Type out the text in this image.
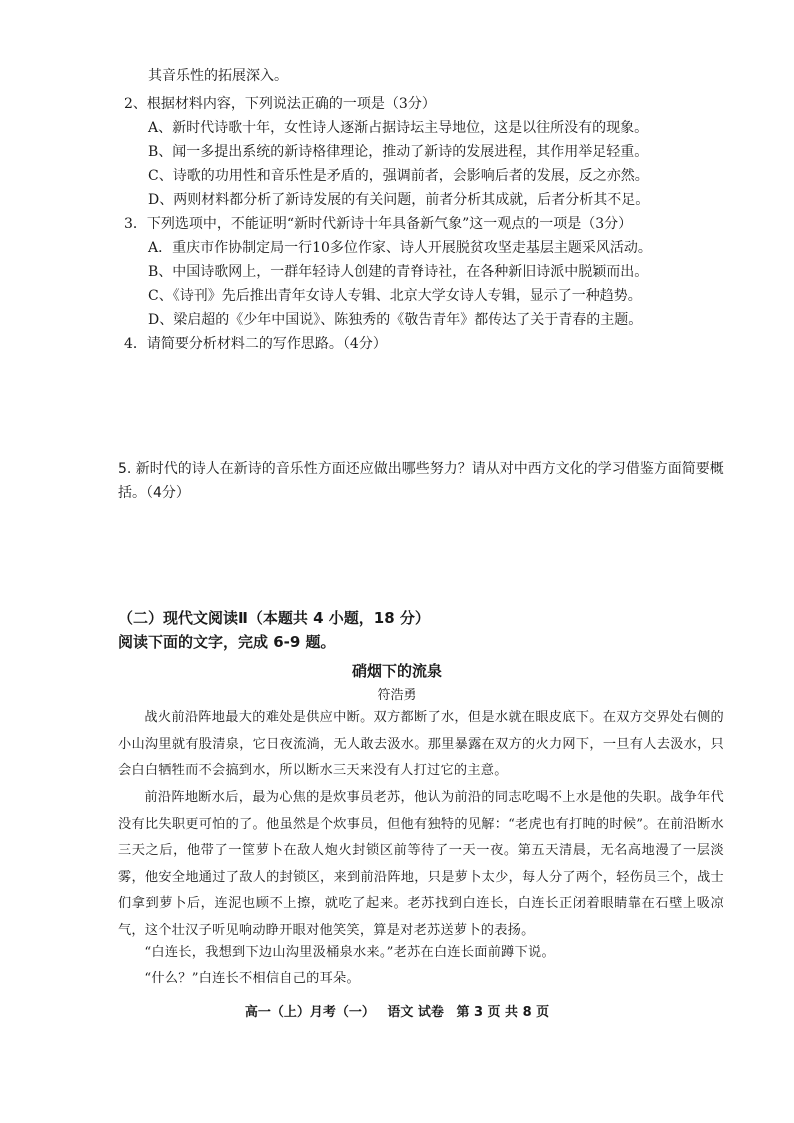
其音乐性的拓展深入。
2、根据材料内容，下列说法正确的一项是（3分）
A、新时代诗歌十年，女性诗人逐渐占据诗坛主导地位，这是以往所没有的现象。
B、闻一多提出系统的新诗格律理论，推动了新诗的发展进程，其作用举足轻重。
C、诗歌的功用性和音乐性是矛盾的，强调前者，会影响后者的发展，反之亦然。
D、两则材料都分析了新诗发展的有关问题，前者分析其成就，后者分析其不足。
3．下列选项中，不能证明“新时代新诗十年具备新气象”这一观点的一项是（3分）
A．重庆市作协制定局一行10多位作家、诗人开展脱贫攻坚走基层主题采风活动。
B、中国诗歌网上，一群年轻诗人创建的青脊诗社，在各种新旧诗派中脱颖而出。
C、《诗刊》先后推出青年女诗人专辑、北京大学女诗人专辑，显示了一种趋势。
D、梁启超的《少年中国说》、陈独秀的《敬告青年》都传达了关于青春的主题。
4．请简要分析材料二的写作思路。（4分）
5. 新时代的诗人在新诗的音乐性方面还应做出哪些努力？请从对中西方文化的学习借鉴方面简要概
括。（4分）
（二）现代文阅读Ⅱ（本题共 4 小题，18 分）
阅读下面的文字，完成 6-9 题。
硝烟下的流泉
符浩勇
战火前沿阵地最大的难处是供应中断。双方都断了水，但是水就在眼皮底下。在双方交界处右侧的小山沟里就有股清泉，它日夜流淌，无人敢去汲水。那里暴露在双方的火力网下，一旦有人去汲水，只会白白牺牲而不会搞到水，所以断水三天来没有人打过它的主意。
前沿阵地断水后，最为心焦的是炊事员老苏，他认为前沿的同志吃喝不上水是他的失职。战争年代没有比失职更可怕的了。他虽然是个炊事员，但他有独特的见解：“老虎也有打盹的时候”。在前沿断水三天之后，他带了一筐萝卜在敌人炮火封锁区前等待了一天一夜。第五天清晨，无名高地漫了一层淡雾，他安全地通过了敌人的封锁区，来到前沿阵地，只是萝卜太少，每人分了两个，轻伤员三个，战士们拿到萝卜后，连泥也顾不上擦，就吃了起来。老苏找到白连长，白连长正闭着眼睛靠在石壁上吸凉气，这个壮汉子听见响动睁开眼对他笑笑，算是对老苏送萝卜的表扬。
“白连长，我想到下边山沟里汲桶泉水来。”老苏在白连长面前蹲下说。
“什么？”白连长不相信自己的耳朵。
高一（上）月考（一） 语文 试卷 第 3 页 共 8 页
